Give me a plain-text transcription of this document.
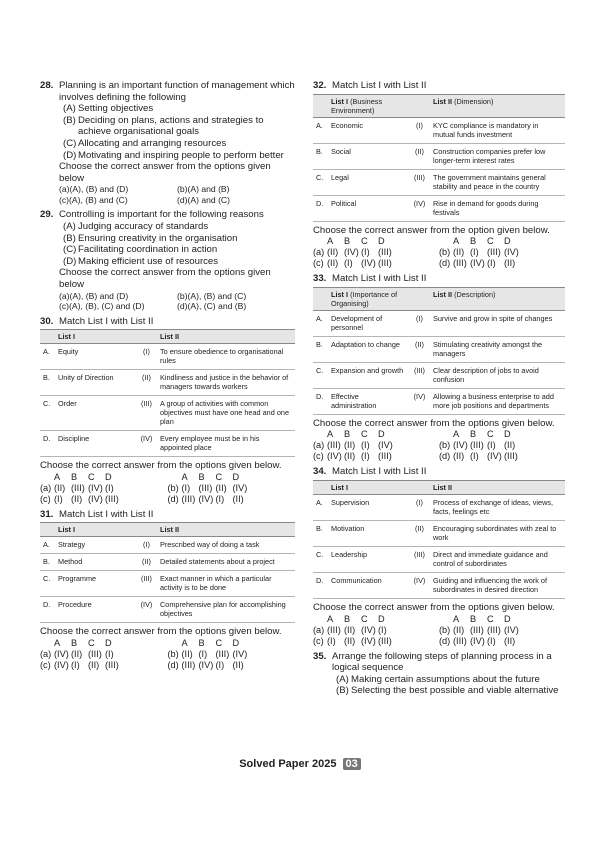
28. Planning is an important function of management which involves defining the following
(A) Setting objectives
(B) Deciding on plans, actions and strategies to achieve organisational goals
(C) Allocating and arranging resources
(D) Motivating and inspiring people to perform better
Choose the correct answer from the options given below
(a)(A), (B) and (D)	(b)(A) and (B)
(c)(A), (B) and (C)	(d)(A) and (C)
29. Controlling is important for the following reasons
(A) Judging accuracy of standards
(B) Ensuring creativity in the organisation
(C) Facilitating coordination in action
(D) Making efficient use of resources
Choose the correct answer from the options given below
(a)(A), (B) and (D)	(b)(A), (B) and (C)
(c)(A), (B), (C) and (D)	(d)(A), (C) and (B)
30. Match List I with List II
	List I		List II
A.	Equity	(I)	To ensure obedience to organisational rules
B.	Unity of Direction	(II)	Kindliness and justice in the behavior of managers towards workers
C.	Order	(III)	A group of activities with common objectives must have one head and one plan
D.	Discipline	(IV)	Every employee must be in his appointed place
Choose the correct answer from the options given below.
A	B	C	D
(a) (II) (III) (IV) (I)
(c) (I) (II) (IV) (III)
A	B	C	D
(b) (I) (III) (II) (IV)
(d) (III) (IV) (I) (II)
31. Match List I with List II
	List I		List II
A.	Strategy	(I)	Prescribed way of doing a task
B.	Method	(II)	Detailed statements about a project
C.	Programme	(III)	Exact manner in which a particular activity is to be done
D.	Procedure	(IV)	Comprehensive plan for accomplishing objectives
Choose the correct answer from the options given below.
A	B	C	D
(a) (IV) (II) (III) (I)
(c) (IV) (I) (II) (III)
A	B	C	D
(b) (II) (I) (III) (IV)
(d) (III) (IV) (I) (II)
32. Match List I with List II
	List I (Business Environment)		List II (Dimension)
A.	Economic	(I)	KYC compliance is mandatory in mutual funds investment
B.	Social	(II)	Construction companies prefer low longer-term interest rates
C.	Legal	(III)	The government maintains general stability and peace in the country
D.	Political	(IV)	Rise in demand for goods during festivals
Choose the correct answer from the option given below.
A	B	C	D
(a) (II) (IV) (I) (III)
(c) (II) (I) (IV) (III)
A	B	C	D
(b) (II) (I) (III) (IV)
(d) (III) (IV) (I) (II)
33. Match List I with List II
	List I (Importance of Organising)		List II (Description)
A.	Development of personnel	(I)	Survive and grow in spite of changes
B.	Adaptation to change	(II)	Stimulating creativity amongst the managers
C.	Expansion and growth	(III)	Clear description of jobs to avoid confusion
D.	Effective administration	(IV)	Allowing a business enterprise to add more job positions and departments
Choose the correct answer from the options given below.
A	B	C	D
(a) (III) (II) (I) (IV)
(c) (IV) (II) (I) (III)
A	B	C	D
(b) (IV) (III) (I) (II)
(d) (II) (I) (IV) (III)
34. Match List I with List II
	List I		List II
A.	Supervision	(I)	Process of exchange of ideas, views, facts, feelings etc
B.	Motivation	(II)	Encouraging subordinates with zeal to work
C.	Leadership	(III)	Direct and immediate guidance and control of subordinates
D.	Communication	(IV)	Guiding and influencing the work of subordinates in desired direction
Choose the correct answer from the options given below.
A	B	C	D
(a) (III) (II) (IV) (I)
(c) (I) (II) (IV) (III)
A	B	C	D
(b) (II) (III) (III) (IV)
(d) (III) (IV) (I) (II)
35. Arrange the following steps of planning process in a logical sequence
(A) Making certain assumptions about the future
(B) Selecting the best possible and viable alternative
Solved Paper 2025 03
